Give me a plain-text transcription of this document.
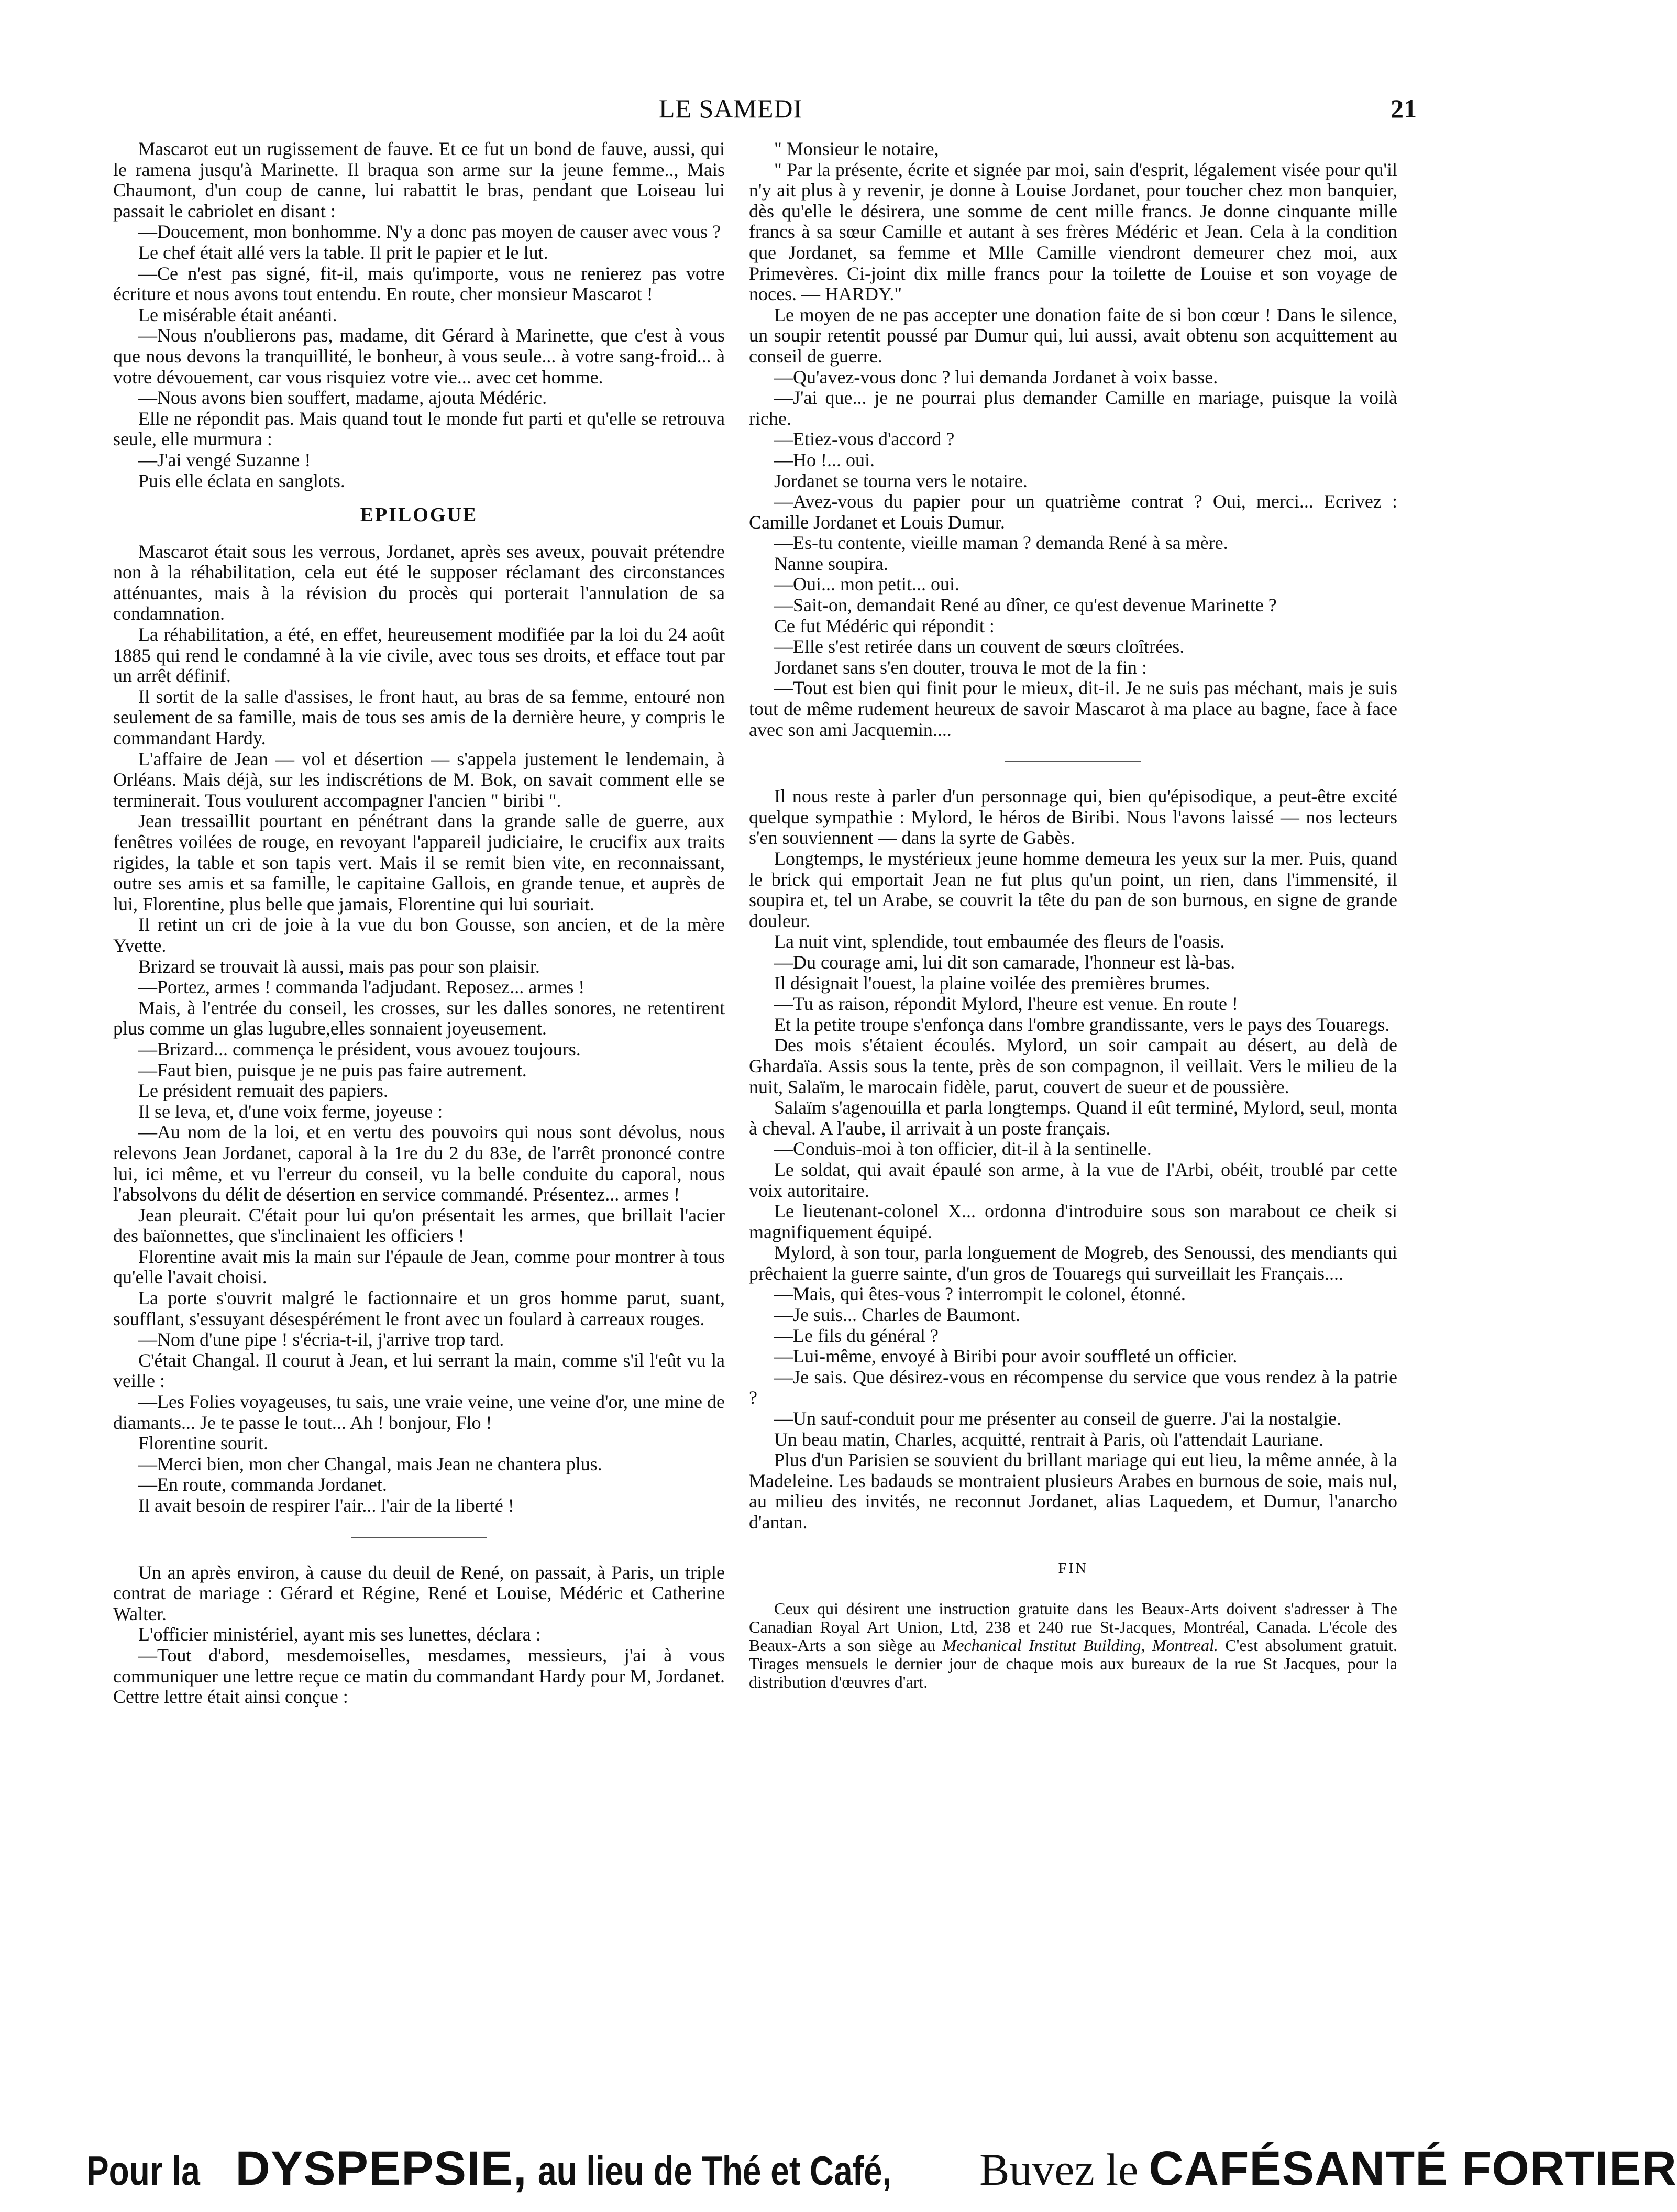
LE SAMEDI	21

Mascarot eut un rugissement de fauve. Et ce fut un bond de fauve, aussi, qui le ramena jusqu'à Marinette. Il braqua son arme sur la jeune femme.., Mais Chaumont, d'un coup de canne, lui rabattit le bras, pendant que Loiseau lui passait le cabriolet en disant :

—Doucement, mon bonhomme. N'y a donc pas moyen de causer avec vous ?

Le chef était allé vers la table. Il prit le papier et le lut.

—Ce n'est pas signé, fit-il, mais qu'importe, vous ne renierez pas votre écriture et nous avons tout entendu. En route, cher monsieur Mascarot !

Le misérable était anéanti.

—Nous n'oublierons pas, madame, dit Gérard à Marinette, que c'est à vous que nous devons la tranquillité, le bonheur, à vous seule... à votre sang-froid... à votre dévouement, car vous risquiez votre vie... avec cet homme.

—Nous avons bien souffert, madame, ajouta Médéric.

Elle ne répondit pas. Mais quand tout le monde fut parti et qu'elle se retrouva seule, elle murmura :

—J'ai vengé Suzanne !

Puis elle éclata en sanglots.

EPILOGUE

Mascarot était sous les verrous, Jordanet, après ses aveux, pouvait prétendre non à la réhabilitation, cela eut été le supposer réclamant des circonstances atténuantes, mais à la révision du procès qui porterait l'annulation de sa condamnation.

La réhabilitation, a été, en effet, heureusement modifiée par la loi du 24 août 1885 qui rend le condamné à la vie civile, avec tous ses droits, et efface tout par un arrêt définif.

Il sortit de la salle d'assises, le front haut, au bras de sa femme, entouré non seulement de sa famille, mais de tous ses amis de la dernière heure, y compris le commandant Hardy.

L'affaire de Jean — vol et désertion — s'appela justement le lendemain, à Orléans. Mais déjà, sur les indiscrétions de M. Bok, on savait comment elle se terminerait. Tous voulurent accompagner l'ancien " biribi ".

Jean tressaillit pourtant en pénétrant dans la grande salle de guerre, aux fenêtres voilées de rouge, en revoyant l'appareil judiciaire, le crucifix aux traits rigides, la table et son tapis vert. Mais il se remit bien vite, en reconnaissant, outre ses amis et sa famille, le capitaine Gallois, en grande tenue, et auprès de lui, Florentine, plus belle que jamais, Florentine qui lui souriait.

Il retint un cri de joie à la vue du bon Gousse, son ancien, et de la mère Yvette.

Brizard se trouvait là aussi, mais pas pour son plaisir.

—Portez, armes ! commanda l'adjudant. Reposez... armes !

Mais, à l'entrée du conseil, les crosses, sur les dalles sonores, ne retentirent plus comme un glas lugubre,elles sonnaient joyeusement.

—Brizard... commença le président, vous avouez toujours.

—Faut bien, puisque je ne puis pas faire autrement.

Le président remuait des papiers.

Il se leva, et, d'une voix ferme, joyeuse :

—Au nom de la loi, et en vertu des pouvoirs qui nous sont dévolus, nous relevons Jean Jordanet, caporal à la 1re du 2 du 83e, de l'arrêt prononcé contre lui, ici même, et vu l'erreur du conseil, vu la belle conduite du caporal, nous l'absolvons du délit de désertion en service commandé. Présentez... armes !

Jean pleurait. C'était pour lui qu'on présentait les armes, que brillait l'acier des baïonnettes, que s'inclinaient les officiers !

Florentine avait mis la main sur l'épaule de Jean, comme pour montrer à tous qu'elle l'avait choisi.

La porte s'ouvrit malgré le factionnaire et un gros homme parut, suant, soufflant, s'essuyant désespérément le front avec un foulard à carreaux rouges.

—Nom d'une pipe ! s'écria-t-il, j'arrive trop tard.

C'était Changal. Il courut à Jean, et lui serrant la main, comme s'il l'eût vu la veille :

—Les Folies voyageuses, tu sais, une vraie veine, une veine d'or, une mine de diamants... Je te passe le tout... Ah ! bonjour, Flo !

Florentine sourit.

—Merci bien, mon cher Changal, mais Jean ne chantera plus.

—En route, commanda Jordanet.

Il avait besoin de respirer l'air... l'air de la liberté !

Un an après environ, à cause du deuil de René, on passait, à Paris, un triple contrat de mariage : Gérard et Régine, René et Louise, Médéric et Catherine Walter.

L'officier ministériel, ayant mis ses lunettes, déclara :

—Tout d'abord, mesdemoiselles, mesdames, messieurs, j'ai à vous communiquer une lettre reçue ce matin du commandant Hardy pour M, Jordanet. Cettre lettre était ainsi conçue :

" Monsieur le notaire,

" Par la présente, écrite et signée par moi, sain d'esprit, légalement visée pour qu'il n'y ait plus à y revenir, je donne à Louise Jordanet, pour toucher chez mon banquier, dès qu'elle le désirera, une somme de cent mille francs. Je donne cinquante mille francs à sa sœur Camille et autant à ses frères Médéric et Jean. Cela à la condition que Jordanet, sa femme et Mlle Camille viendront demeurer chez moi, aux Primevères. Ci-joint dix mille francs pour la toilette de Louise et son voyage de noces. — HARDY."

Le moyen de ne pas accepter une donation faite de si bon cœur ! Dans le silence, un soupir retentit poussé par Dumur qui, lui aussi, avait obtenu son acquittement au conseil de guerre.

—Qu'avez-vous donc ? lui demanda Jordanet à voix basse.

—J'ai que... je ne pourrai plus demander Camille en mariage, puisque la voilà riche.

—Etiez-vous d'accord ?

—Ho !... oui.

Jordanet se tourna vers le notaire.

—Avez-vous du papier pour un quatrième contrat ? Oui, merci... Ecrivez : Camille Jordanet et Louis Dumur.

—Es-tu contente, vieille maman ? demanda René à sa mère.

Nanne soupira.

—Oui... mon petit... oui.

—Sait-on, demandait René au dîner, ce qu'est devenue Marinette ?

Ce fut Médéric qui répondit :

—Elle s'est retirée dans un couvent de sœurs cloîtrées.

Jordanet sans s'en douter, trouva le mot de la fin :

—Tout est bien qui finit pour le mieux, dit-il. Je ne suis pas méchant, mais je suis tout de même rudement heureux de savoir Mascarot à ma place au bagne, face à face avec son ami Jacquemin....

Il nous reste à parler d'un personnage qui, bien qu'épisodique, a peut-être excité quelque sympathie : Mylord, le héros de Biribi. Nous l'avons laissé — nos lecteurs s'en souviennent — dans la syrte de Gabès.

Longtemps, le mystérieux jeune homme demeura les yeux sur la mer. Puis, quand le brick qui emportait Jean ne fut plus qu'un point, un rien, dans l'immensité, il soupira et, tel un Arabe, se couvrit la tête du pan de son burnous, en signe de grande douleur.

La nuit vint, splendide, tout embaumée des fleurs de l'oasis.

—Du courage ami, lui dit son camarade, l'honneur est là-bas.

Il désignait l'ouest, la plaine voilée des premières brumes.

—Tu as raison, répondit Mylord, l'heure est venue. En route !

Et la petite troupe s'enfonça dans l'ombre grandissante, vers le pays des Touaregs.

Des mois s'étaient écoulés. Mylord, un soir campait au désert, au delà de Ghardaïa. Assis sous la tente, près de son compagnon, il veillait. Vers le milieu de la nuit, Salaïm, le marocain fidèle, parut, couvert de sueur et de poussière.

Salaïm s'agenouilla et parla longtemps. Quand il eût terminé, Mylord, seul, monta à cheval. A l'aube, il arrivait à un poste français.

—Conduis-moi à ton officier, dit-il à la sentinelle.

Le soldat, qui avait épaulé son arme, à la vue de l'Arbi, obéit, troublé par cette voix autoritaire.

Le lieutenant-colonel X... ordonna d'introduire sous son marabout ce cheik si magnifiquement équipé.

Mylord, à son tour, parla longuement de Mogreb, des Senoussi, des mendiants qui prêchaient la guerre sainte, d'un gros de Touaregs qui surveillait les Français....

—Mais, qui êtes-vous ? interrompit le colonel, étonné.

—Je suis... Charles de Baumont.

—Le fils du général ?

—Lui-même, envoyé à Biribi pour avoir souffleté un officier.

—Je sais. Que désirez-vous en récompense du service que vous rendez à la patrie ?

—Un sauf-conduit pour me présenter au conseil de guerre. J'ai la nostalgie.

Un beau matin, Charles, acquitté, rentrait à Paris, où l'attendait Lauriane.

Plus d'un Parisien se souvient du brillant mariage qui eut lieu, la même année, à la Madeleine. Les badauds se montraient plusieurs Arabes en burnous de soie, mais nul, au milieu des invités, ne reconnut Jordanet, alias Laquedem, et Dumur, l'anarcho d'antan.

FIN

Ceux qui désirent une instruction gratuite dans les Beaux-Arts doivent s'adresser à The Canadian Royal Art Union, Ltd, 238 et 240 rue St-Jacques, Montréal, Canada. L'école des Beaux-Arts a son siège au Mechanical Institut Building, Montreal. C'est absolument gratuit. Tirages mensuels le dernier jour de chaque mois aux bureaux de la rue St Jacques, pour la distribution d'œuvres d'art.

Pour la DYSPEPSIE, au lieu de Thé et Café, Buvez le CAFÉSANTÉ FORTIER
